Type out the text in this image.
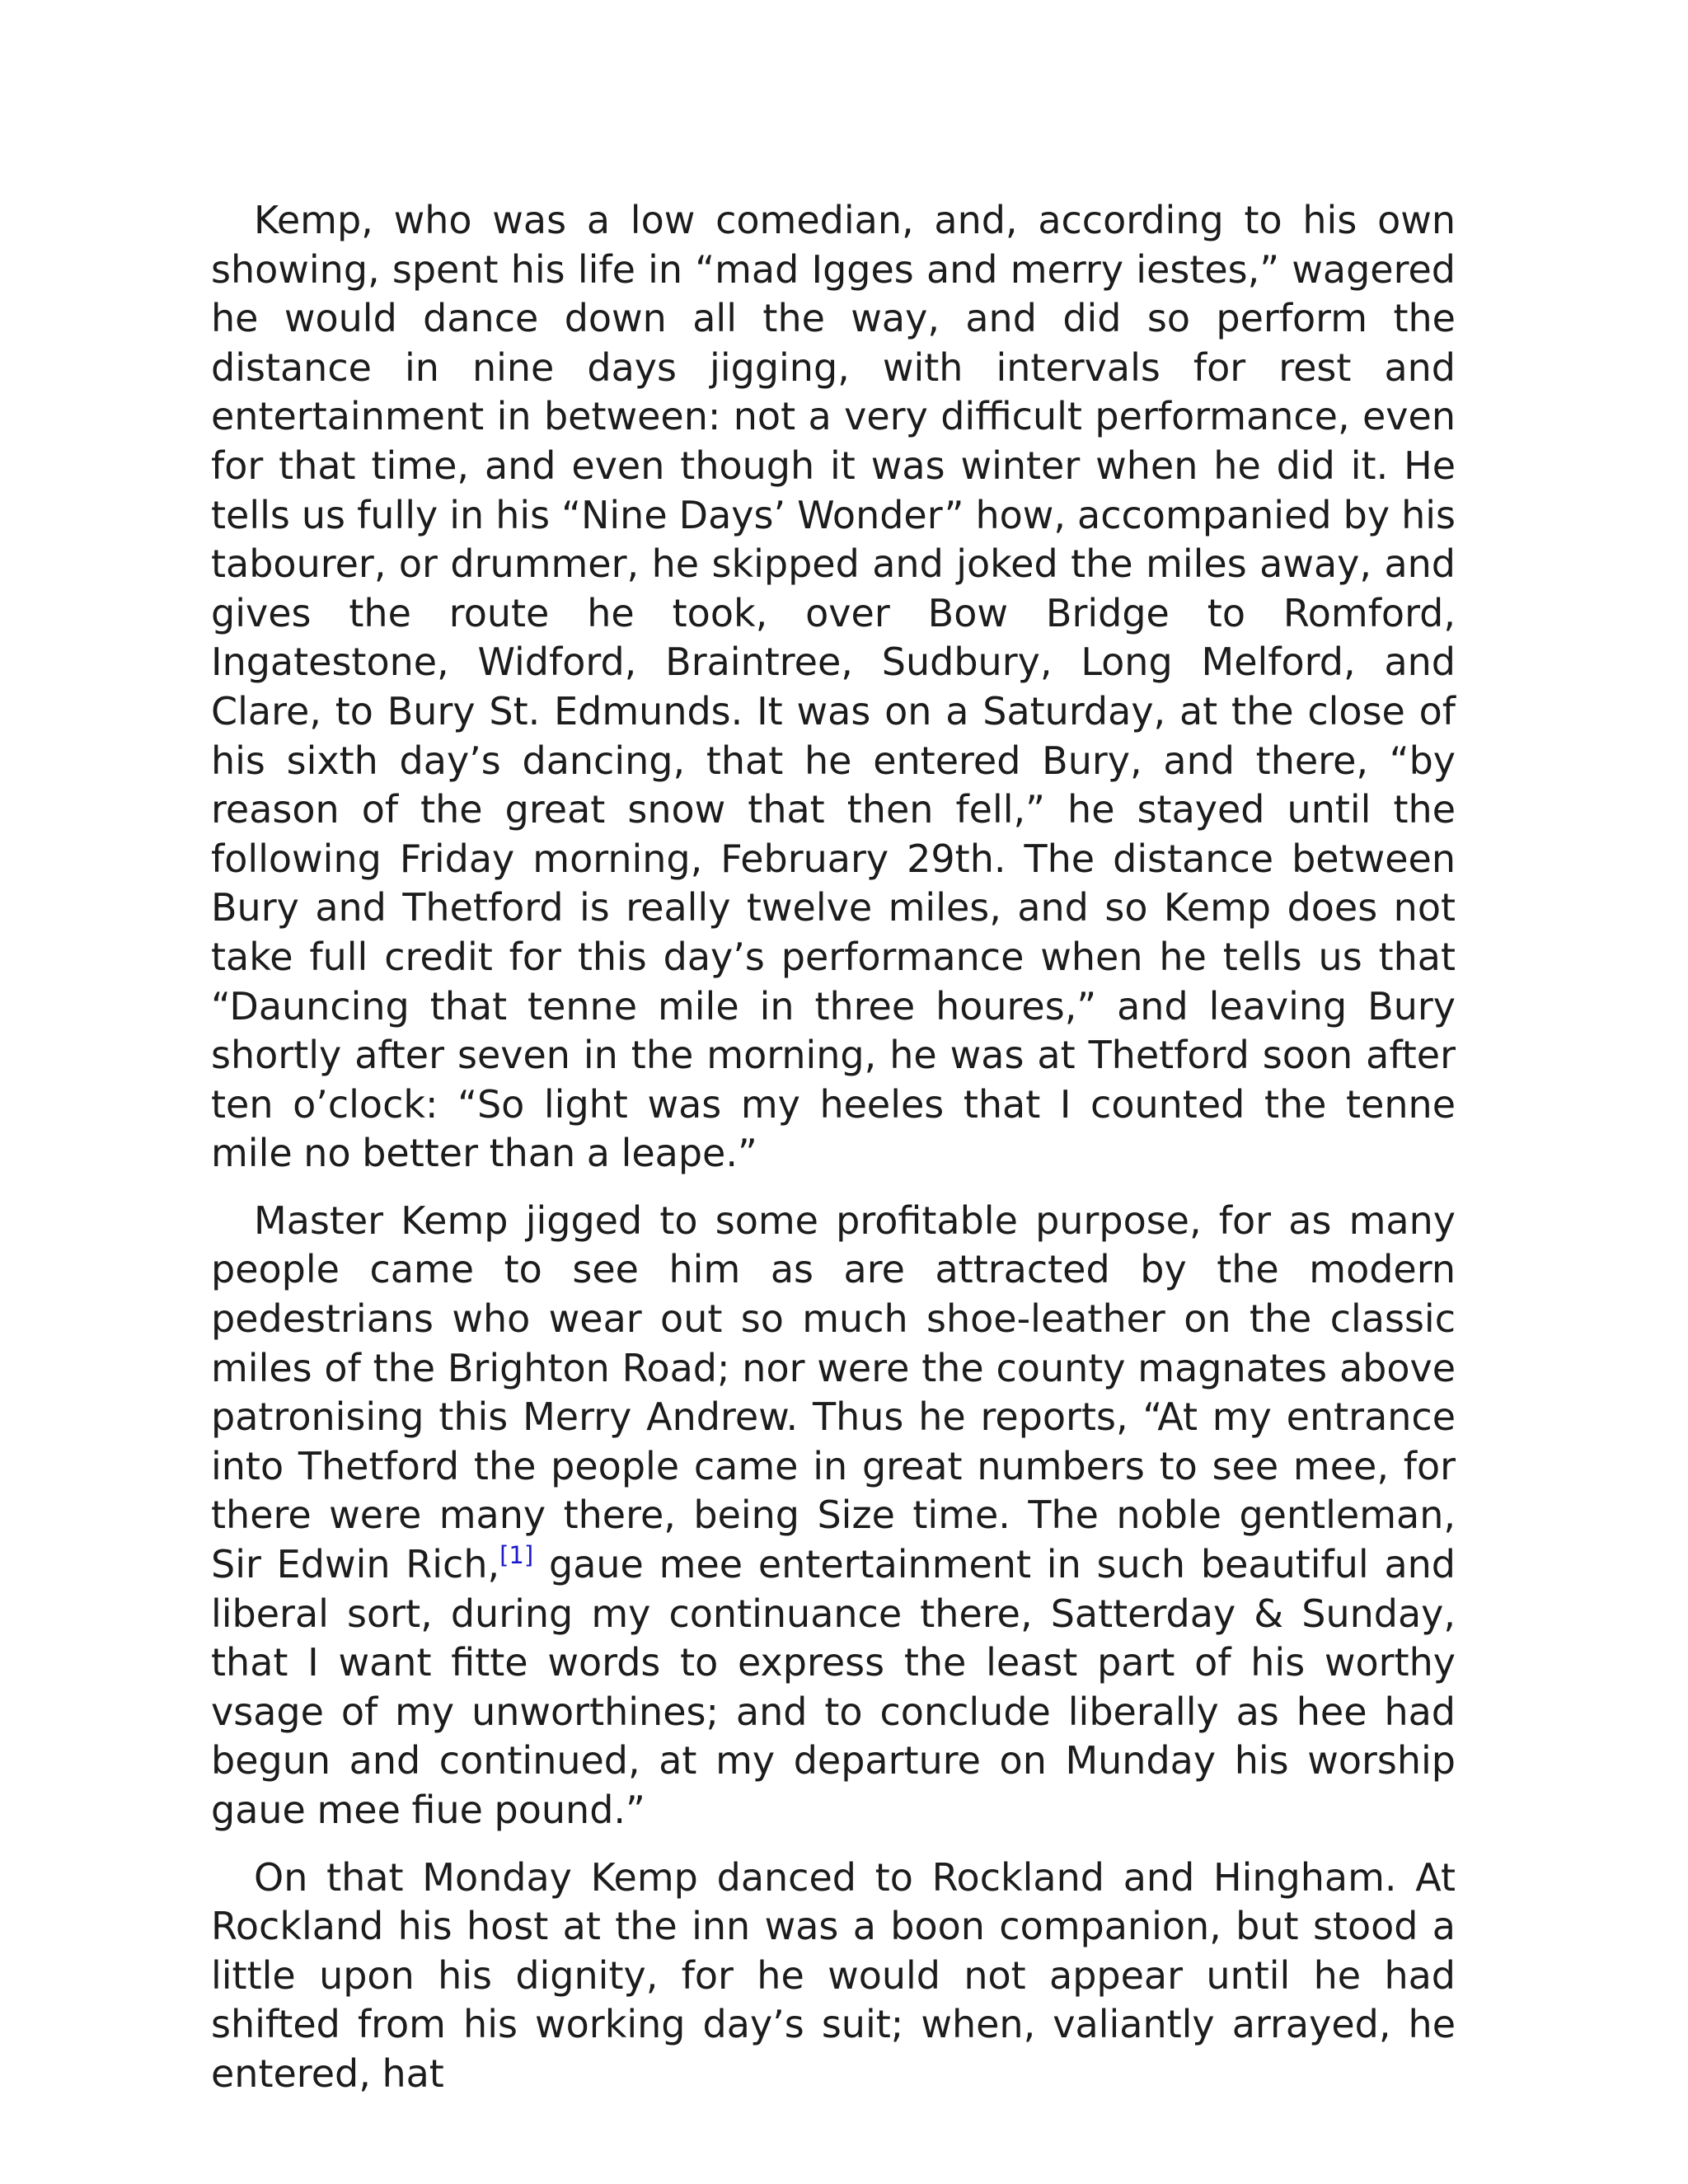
Kemp, who was a low comedian, and, according to his own showing, spent his life in “mad Igges and merry iestes,” wagered he would dance down all the way, and did so perform the distance in nine days jigging, with intervals for rest and entertainment in between: not a very difficult performance, even for that time, and even though it was winter when he did it. He tells us fully in his “Nine Days’ Wonder” how, accompanied by his tabourer, or drummer, he skipped and joked the miles away, and gives the route he took, over Bow Bridge to Romford, Ingatestone, Widford, Braintree, Sudbury, Long Melford, and Clare, to Bury St. Edmunds. It was on a Saturday, at the close of his sixth day’s dancing, that he entered Bury, and there, “by reason of the great snow that then fell,” he stayed until the following Friday morning, February 29th. The distance between Bury and Thetford is really twelve miles, and so Kemp does not take full credit for this day’s performance when he tells us that “Dauncing that tenne mile in three houres,” and leaving Bury shortly after seven in the morning, he was at Thetford soon after ten o’clock: “So light was my heeles that I counted the tenne mile no better than a leape.”

Master Kemp jigged to some profitable purpose, for as many people came to see him as are attracted by the modern pedestrians who wear out so much shoe-leather on the classic miles of the Brighton Road; nor were the county magnates above patronising this Merry Andrew. Thus he reports, “At my entrance into Thetford the people came in great numbers to see mee, for there were many there, being Size time. The noble gentleman, Sir Edwin Rich,[1] gaue mee entertainment in such beautiful and liberal sort, during my continuance there, Satterday & Sunday, that I want fitte words to express the least part of his worthy vsage of my unworthines; and to conclude liberally as hee had begun and continued, at my departure on Munday his worship gaue mee fiue pound.”

On that Monday Kemp danced to Rockland and Hingham. At Rockland his host at the inn was a boon companion, but stood a little upon his dignity, for he would not appear until he had shifted from his working day’s suit; when, valiantly arrayed, he entered, hat
